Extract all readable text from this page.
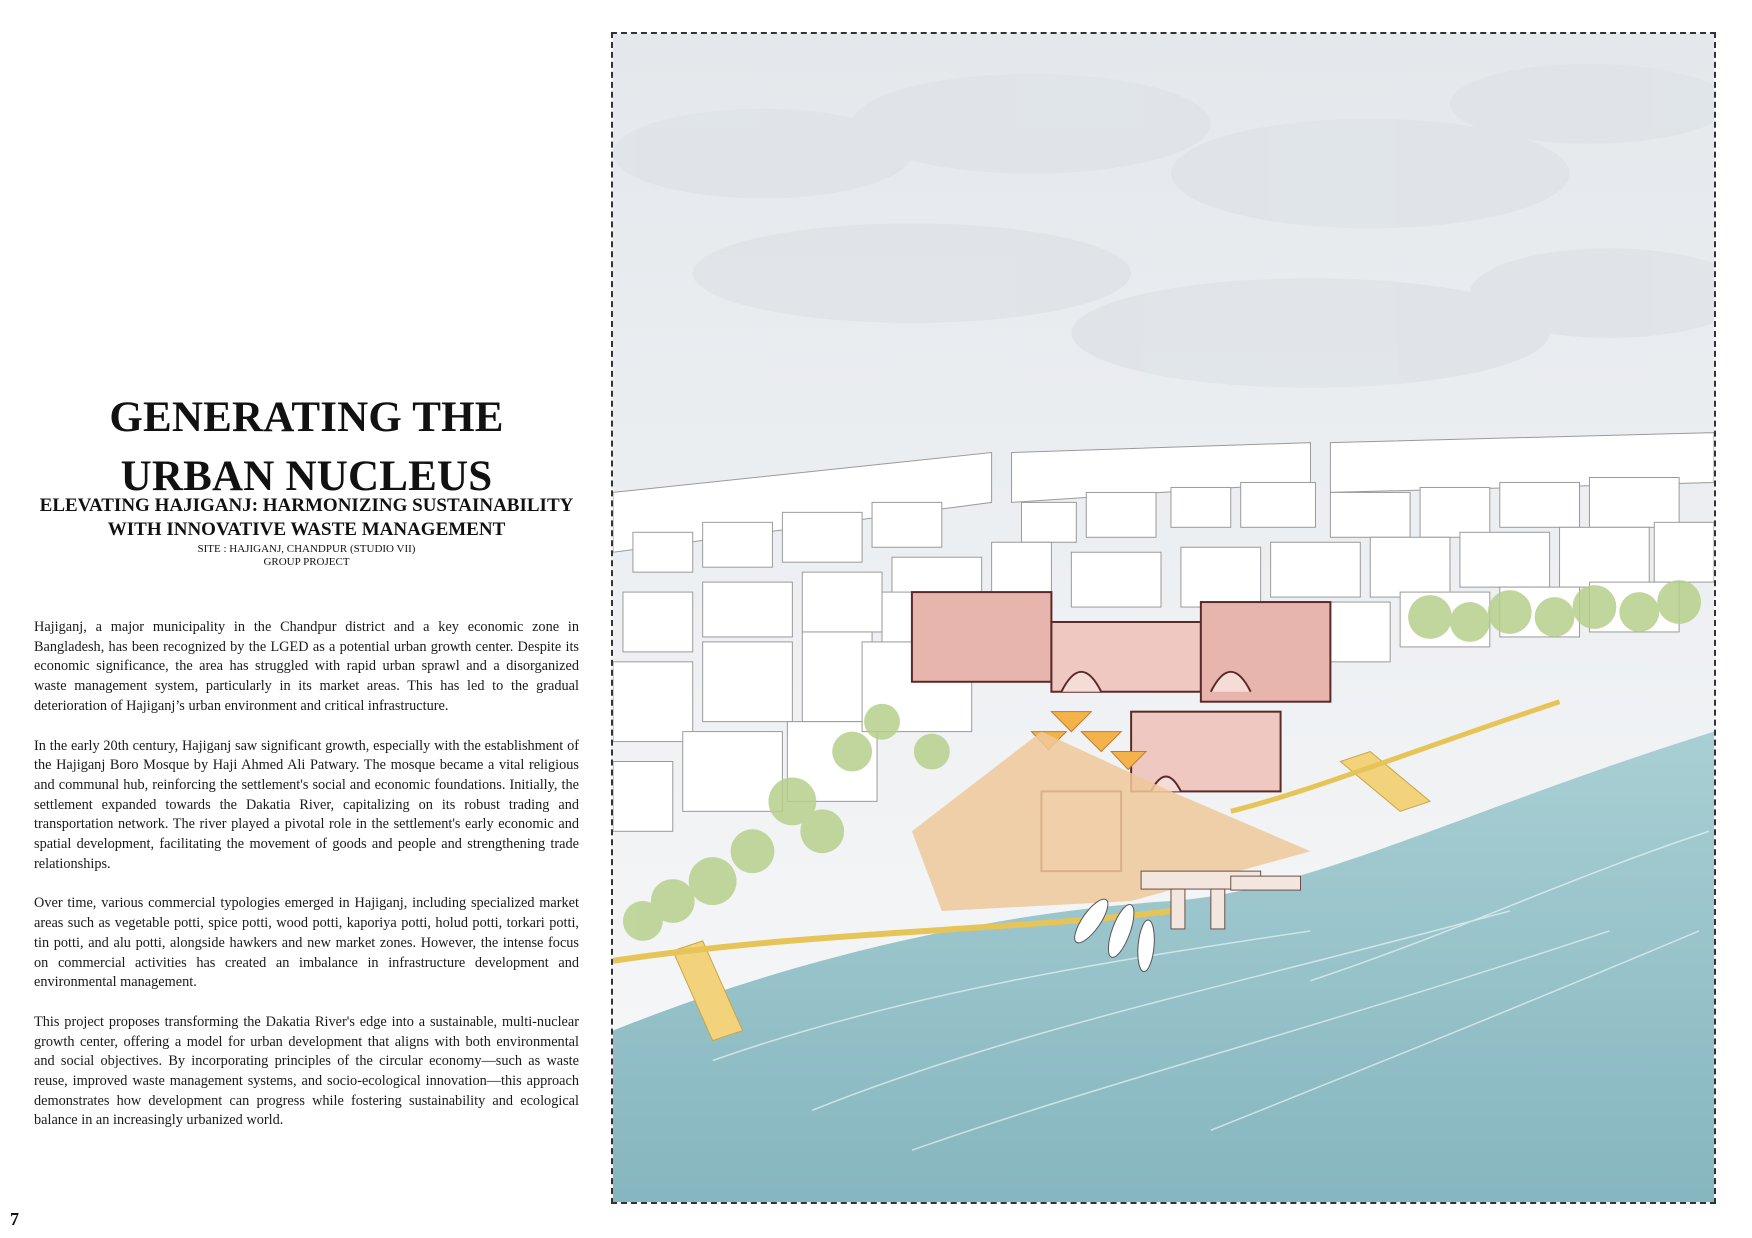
GENERATING THE URBAN NUCLEUS
ELEVATING HAJIGANJ: HARMONIZING SUSTAINABILITY WITH INNOVATIVE WASTE MANAGEMENT
SITE : HAJIGANJ, CHANDPUR (STUDIO VII)
GROUP PROJECT

Hajiganj, a major municipality in the Chandpur district and a key economic zone in Bangladesh, has been recognized by the LGED as a potential urban growth center. Despite its economic significance, the area has struggled with rapid urban sprawl and a disorganized waste management system, particularly in its market areas. This has led to the gradual deterioration of Hajiganj’s urban environment and critical infrastructure.

In the early 20th century, Hajiganj saw significant growth, especially with the establishment of the Hajiganj Boro Mosque by Haji Ahmed Ali Patwary. The mosque became a vital religious and communal hub, reinforcing the settlement's social and economic foundations. Initially, the settlement expanded towards the Dakatia River, capitalizing on its robust trading and transportation network. The river played a pivotal role in the settlement's early economic and spatial development, facilitating the movement of goods and people and strengthening trade relationships.

Over time, various commercial typologies emerged in Hajiganj, including specialized market areas such as vegetable potti, spice potti, wood potti, kaporiya potti, holud potti, torkari potti, tin potti, and alu potti, alongside hawkers and new market zones. However, the intense focus on commercial activities has created an imbalance in infrastructure development and environmental management.

This project proposes transforming the Dakatia River's edge into a sustainable, multi-nuclear growth center, offering a model for urban development that aligns with both environmental and social objectives. By incorporating principles of the circular economy—such as waste reuse, improved waste management systems, and socio-ecological innovation—this approach demonstrates how development can progress while fostering sustainability and ecological balance in an increasingly urbanized world.

7
